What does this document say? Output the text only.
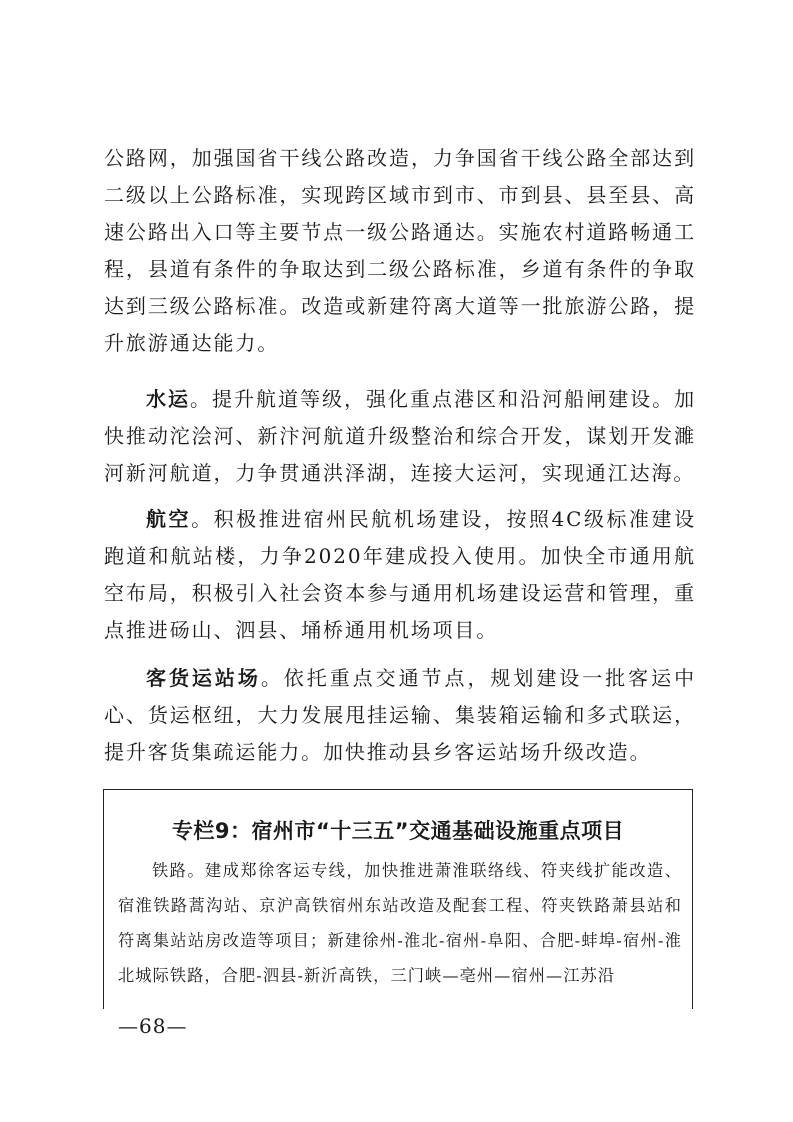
公路网，加强国省干线公路改造，力争国省干线公路全部达到二级以上公路标准，实现跨区域市到市、市到县、县至县、高速公路出入口等主要节点一级公路通达。实施农村道路畅通工程，县道有条件的争取达到二级公路标准，乡道有条件的争取达到三级公路标准。改造或新建符离大道等一批旅游公路，提升旅游通达能力。

水运。提升航道等级，强化重点港区和沿河船闸建设。加快推动沱浍河、新汴河航道升级整治和综合开发，谋划开发濉河新河航道，力争贯通洪泽湖，连接大运河，实现通江达海。

航空。积极推进宿州民航机场建设，按照4C级标准建设跑道和航站楼，力争2020年建成投入使用。加快全市通用航空布局，积极引入社会资本参与通用机场建设运营和管理，重点推进砀山、泗县、埇桥通用机场项目。

客货运站场。依托重点交通节点，规划建设一批客运中心、货运枢纽，大力发展甩挂运输、集装箱运输和多式联运，提升客货集疏运能力。加快推动县乡客运站场升级改造。

专栏9：宿州市“十三五”交通基础设施重点项目

铁路。建成郑徐客运专线，加快推进萧淮联络线、符夹线扩能改造、宿淮铁路蒿沟站、京沪高铁宿州东站改造及配套工程、符夹铁路萧县站和符离集站站房改造等项目；新建徐州-淮北-宿州-阜阳、合肥-蚌埠-宿州-淮北城际铁路，合肥-泗县-新沂高铁，三门峡—亳州—宿州—江苏沿

—68—
